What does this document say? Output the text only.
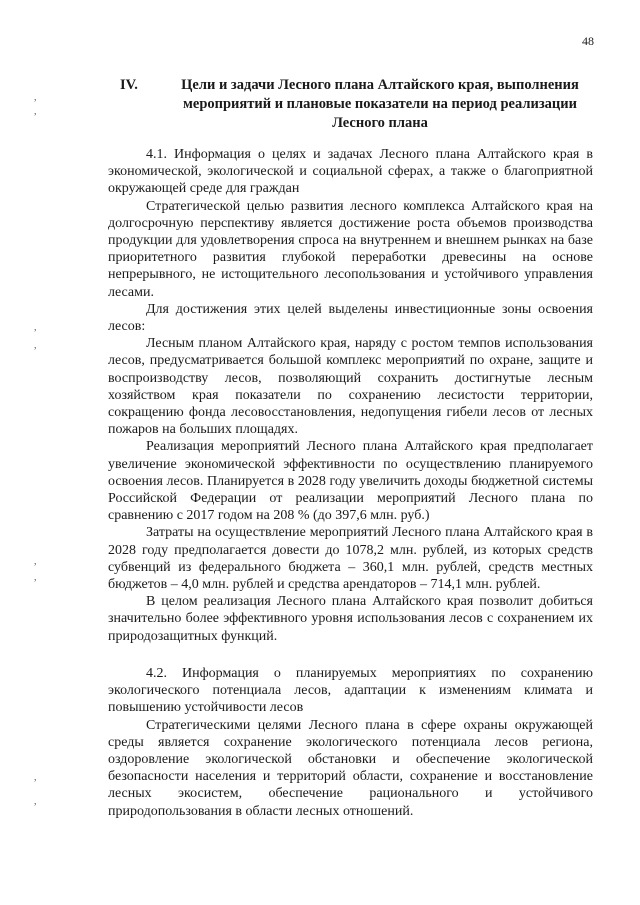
48
IV.	Цели и задачи Лесного плана Алтайского края, выполнения мероприятий и плановые показатели на период реализации Лесного плана

4.1. Информация о целях и задачах Лесного плана Алтайского края в экономической, экологической и социальной сферах, а также о благоприятной окружающей среде для граждан

Стратегической целью развития лесного комплекса Алтайского края на долгосрочную перспективу является достижение роста объемов производства продукции для удовлетворения спроса на внутреннем и внешнем рынках на базе приоритетного развития глубокой переработки древесины на основе непрерывного, не истощительного лесопользования и устойчивого управления лесами.

Для достижения этих целей выделены инвестиционные зоны освоения лесов:

Лесным планом Алтайского края, наряду с ростом темпов использования лесов, предусматривается большой комплекс мероприятий по охране, защите и воспроизводству лесов, позволяющий сохранить достигнутые лесным хозяйством края показатели по сохранению лесистости территории, сокращению фонда лесовосстановления, недопущения гибели лесов от лесных пожаров на больших площадях.

Реализация мероприятий Лесного плана Алтайского края предполагает увеличение экономической эффективности по осуществлению планируемого освоения лесов. Планируется в 2028 году увеличить доходы бюджетной системы Российской Федерации от реализации мероприятий Лесного плана по сравнению с 2017 годом на 208 % (до 397,6 млн. руб.)

Затраты на осуществление мероприятий Лесного плана Алтайского края в 2028 году предполагается довести до 1078,2 млн. рублей, из которых средств субвенций из федерального бюджета – 360,1 млн. рублей, средств местных бюджетов – 4,0 млн. рублей и средства арендаторов – 714,1 млн. рублей.

В целом реализация Лесного плана Алтайского края позволит добиться значительно более эффективного уровня использования лесов с сохранением их природозащитных функций.

4.2. Информация о планируемых мероприятиях по сохранению экологического потенциала лесов, адаптации к изменениям климата и повышению устойчивости лесов

Стратегическими целями Лесного плана в сфере охраны окружающей среды является сохранение экологического потенциала лесов региона, оздоровление экологической обстановки и обеспечение экологической безопасности населения и территорий области, сохранение и восстановление лесных экосистем, обеспечение рационального и устойчивого природопользования в области лесных отношений.

,
,
,
,
,
,
,
,
